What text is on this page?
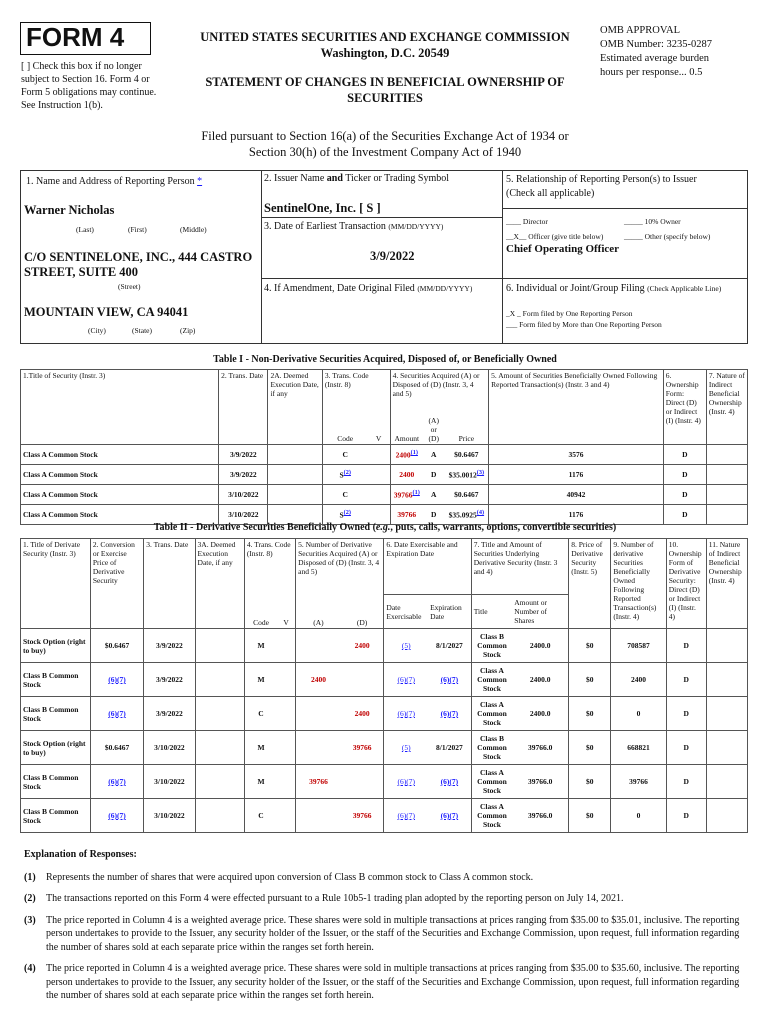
FORM 4
[ ] Check this box if no longer subject to Section 16. Form 4 or Form 5 obligations may continue. See Instruction 1(b).
UNITED STATES SECURITIES AND EXCHANGE COMMISSION
Washington, D.C. 20549
STATEMENT OF CHANGES IN BENEFICIAL OWNERSHIP OF SECURITIES
OMB APPROVAL
OMB Number: 3235-0287
Estimated average burden
hours per response... 0.5
Filed pursuant to Section 16(a) of the Securities Exchange Act of 1934 or
Section 30(h) of the Investment Company Act of 1940
1. Name and Address of Reporting Person *
Warner Nicholas
(Last)	(First)	(Middle)
C/O SENTINELONE, INC., 444 CASTRO STREET, SUITE 400
(Street)
MOUNTAIN VIEW, CA 94041
(City)	(State)	(Zip)
2. Issuer Name and Ticker or Trading Symbol
SentinelOne, Inc. [ S ]
3. Date of Earliest Transaction (MM/DD/YYYY)
3/9/2022
4. If Amendment, Date Original Filed (MM/DD/YYYY)
5. Relationship of Reporting Person(s) to Issuer
(Check all applicable)
____ Director	_____ 10% Owner
__X__ Officer (give title below)	_____ Other (specify below)
Chief Operating Officer
6. Individual or Joint/Group Filing (Check Applicable Line)
_X _ Form filed by One Reporting Person
___ Form filed by More than One Reporting Person
Table I - Non-Derivative Securities Acquired, Disposed of, or Beneficially Owned
1.Title of Security (Instr. 3)	2. Trans. Date	2A. Deemed Execution Date, if any	3. Trans. Code (Instr. 8)		4. Securities Acquired (A) or Disposed of (D) (Instr. 3, 4 and 5)			5. Amount of Securities Beneficially Owned Following Reported Transaction(s) (Instr. 3 and 4)	6. Ownership Form: Direct (D) or Indirect (I) (Instr. 4)	7. Nature of Indirect Beneficial Ownership (Instr. 4)
			Code	V	Amount	(A) or (D)	Price			
Class A Common Stock	3/9/2022		C		2400$^{(1)}$	A	$0.6467	3576	D	
Class A Common Stock	3/9/2022		$S^{(2)}$		2400	D	$35.0012$^{(3)}$	1176	D	
Class A Common Stock	3/10/2022		C		39766$^{(1)}$	A	$0.6467	40942	D	
Class A Common Stock	3/10/2022		$S^{(2)}$		39766	D	$35.0925$^{(4)}$	1176	D	
Table II - Derivative Securities Beneficially Owned (e.g., puts, calls, warrants, options, convertible securities)
1. Title of Derivate Security (Instr. 3)	2. Conversion or Exercise Price of Derivative Security	3. Trans. Date	3A. Deemed Execution Date, if any	4. Trans. Code (Instr. 8)		5. Number of Derivative Securities Acquired (A) or Disposed of (D) (Instr. 3, 4 and 5)		6. Date Exercisable and Expiration Date		7. Title and Amount of Securities Underlying Derivative Security (Instr. 3 and 4)		8. Price of Derivative Security (Instr. 5)	9. Number of derivative Securities Beneficially Owned Following Reported Transaction(s) (Instr. 4)	10. Ownership Form of Derivative Security: Direct (D) or Indirect (I) (Instr. 4)	11. Nature of Indirect Beneficial Ownership (Instr. 4)
				Code	V	(A)	(D)	Date Exercisable	Expiration Date	Title	Amount or Number of Shares				
Stock Option (right to buy)	$0.6467	3/9/2022		M			2400	(5)	8/1/2027	Class B Common Stock	2400.0	$0	708587	D	
Class B Common Stock	(6)(7)	3/9/2022		M		2400		(6)(7)	(6)(7)	Class A Common Stock	2400.0	$0	2400	D	
Class B Common Stock	(6)(7)	3/9/2022		C			2400	(6)(7)	(6)(7)	Class A Common Stock	2400.0	$0	0	D	
Stock Option (right to buy)	$0.6467	3/10/2022		M			39766	(5)	8/1/2027	Class B Common Stock	39766.0	$0	668821	D	
Class B Common Stock	(6)(7)	3/10/2022		M		39766		(6)(7)	(6)(7)	Class A Common Stock	39766.0	$0	39766	D	
Class B Common Stock	(6)(7)	3/10/2022		C			39766	(6)(7)	(6)(7)	Class A Common Stock	39766.0	$0	0	D	
Explanation of Responses:
(1)	Represents the number of shares that were acquired upon conversion of Class B common stock to Class A common stock.
(2)	The transactions reported on this Form 4 were effected pursuant to a Rule 10b5-1 trading plan adopted by the reporting person on July 14, 2021.
(3)	The price reported in Column 4 is a weighted average price. These shares were sold in multiple transactions at prices ranging from $35.00 to $35.01, inclusive. The reporting person undertakes to provide to the Issuer, any security holder of the Issuer, or the staff of the Securities and Exchange Commission, upon request, full information regarding the number of shares sold at each separate price within the ranges set forth herein.
(4)	The price reported in Column 4 is a weighted average price. These shares were sold in multiple transactions at prices ranging from $35.00 to $35.60, inclusive. The reporting person undertakes to provide to the Issuer, any security holder of the Issuer, or the staff of the Securities and Exchange Commission, upon request, full information regarding the number of shares sold at each separate price within the ranges set forth herein.
